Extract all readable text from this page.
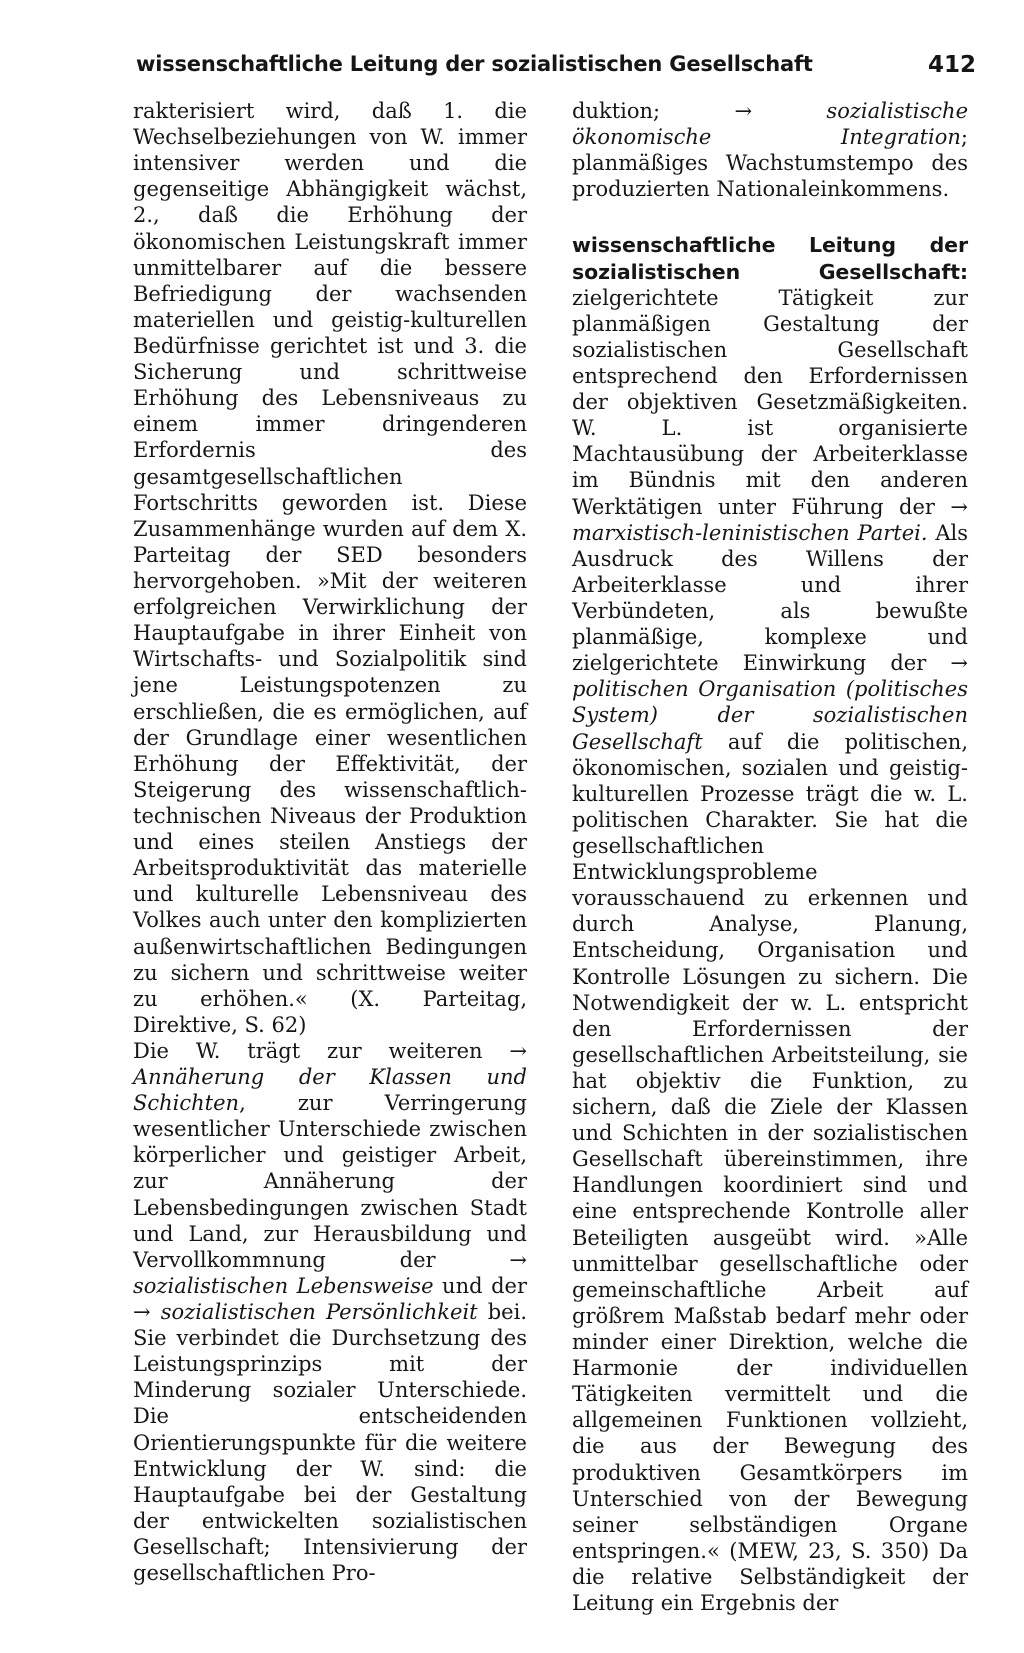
wissenschaftliche Leitung der sozialistischen Gesellschaft	412

rakterisiert wird, daß 1. die Wechselbeziehungen von W. immer intensiver werden und die gegenseitige Abhängigkeit wächst, 2., daß die Erhöhung der ökonomischen Leistungskraft immer unmittelbarer auf die bessere Befriedigung der wachsenden materiellen und geistig-kulturellen Bedürfnisse gerichtet ist und 3. die Sicherung und schrittweise Erhöhung des Lebensniveaus zu einem immer dringenderen Erfordernis des gesamtgesellschaftlichen Fortschritts geworden ist. Diese Zusammenhänge wurden auf dem X. Parteitag der SED besonders hervorgehoben. »Mit der weiteren erfolgreichen Verwirklichung der Hauptaufgabe in ihrer Einheit von Wirtschafts- und Sozialpolitik sind jene Leistungspotenzen zu erschließen, die es ermöglichen, auf der Grundlage einer wesentlichen Erhöhung der Effektivität, der Steigerung des wissenschaftlich-technischen Niveaus der Produktion und eines steilen Anstiegs der Arbeitsproduktivität das materielle und kulturelle Lebensniveau des Volkes auch unter den komplizierten außenwirtschaftlichen Bedingungen zu sichern und schrittweise weiter zu erhöhen.« (X. Parteitag, Direktive, S. 62)

Die W. trägt zur weiteren → Annäherung der Klassen und Schichten, zur Verringerung wesentlicher Unterschiede zwischen körperlicher und geistiger Arbeit, zur Annäherung der Lebensbedingungen zwischen Stadt und Land, zur Herausbildung und Vervollkommnung der → sozialistischen Lebensweise und der → sozialistischen Persönlichkeit bei. Sie verbindet die Durchsetzung des Leistungsprinzips mit der Minderung sozialer Unterschiede. Die entscheidenden Orientierungspunkte für die weitere Entwicklung der W. sind: die Hauptaufgabe bei der Gestaltung der entwickelten sozialistischen Gesellschaft; Intensivierung der gesellschaftlichen Pro-

duktion; → sozialistische ökonomische Integration; planmäßiges Wachstumstempo des produzierten Nationaleinkommens.

wissenschaftliche Leitung der sozialistischen Gesellschaft: zielgerichtete Tätigkeit zur planmäßigen Gestaltung der sozialistischen Gesellschaft entsprechend den Erfordernissen der objektiven Gesetzmäßigkeiten. W. L. ist organisierte Machtausübung der Arbeiterklasse im Bündnis mit den anderen Werktätigen unter Führung der → marxistisch-leninistischen Partei. Als Ausdruck des Willens der Arbeiterklasse und ihrer Verbündeten, als bewußte planmäßige, komplexe und zielgerichtete Einwirkung der → politischen Organisation (politisches System) der sozialistischen Gesellschaft auf die politischen, ökonomischen, sozialen und geistig-kulturellen Prozesse trägt die w. L. politischen Charakter. Sie hat die gesellschaftlichen Entwicklungsprobleme vorausschauend zu erkennen und durch Analyse, Planung, Entscheidung, Organisation und Kontrolle Lösungen zu sichern. Die Notwendigkeit der w. L. entspricht den Erfordernissen der gesellschaftlichen Arbeitsteilung, sie hat objektiv die Funktion, zu sichern, daß die Ziele der Klassen und Schichten in der sozialistischen Gesellschaft übereinstimmen, ihre Handlungen koordiniert sind und eine entsprechende Kontrolle aller Beteiligten ausgeübt wird. »Alle unmittelbar gesellschaftliche oder gemeinschaftliche Arbeit auf größrem Maßstab bedarf mehr oder minder einer Direktion, welche die Harmonie der individuellen Tätigkeiten vermittelt und die allgemeinen Funktionen vollzieht, die aus der Bewegung des produktiven Gesamtkörpers im Unterschied von der Bewegung seiner selbständigen Organe entspringen.« (MEW, 23, S. 350) Da die relative Selbständigkeit der Leitung ein Ergebnis der
